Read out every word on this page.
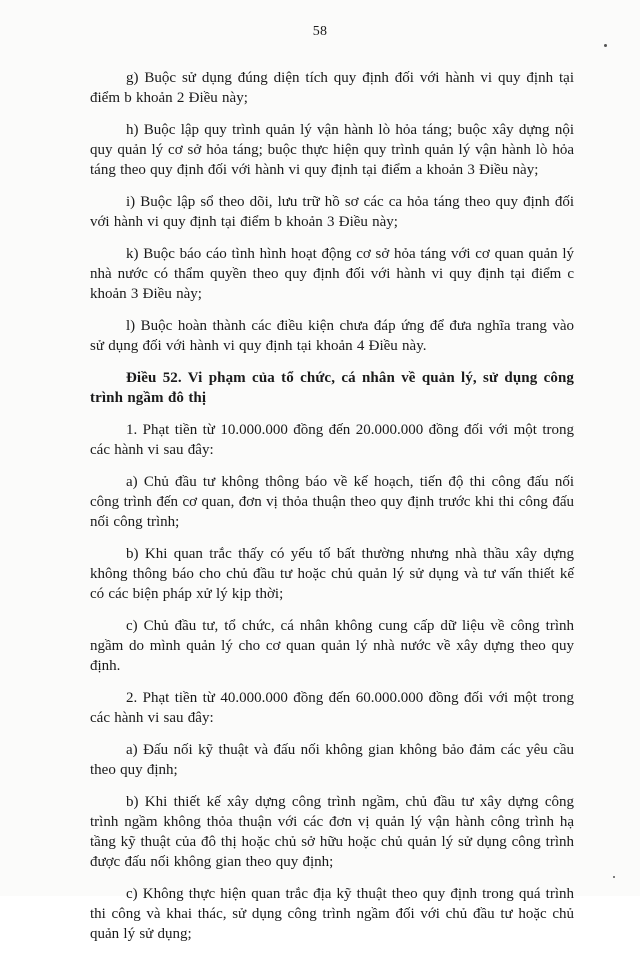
58

g) Buộc sử dụng đúng diện tích quy định đối với hành vi quy định tại điểm b khoản 2 Điều này;

h) Buộc lập quy trình quản lý vận hành lò hỏa táng; buộc xây dựng nội quy quản lý cơ sở hỏa táng; buộc thực hiện quy trình quản lý vận hành lò hỏa táng theo quy định đối với hành vi quy định tại điểm a khoản 3 Điều này;

i) Buộc lập sổ theo dõi, lưu trữ hồ sơ các ca hỏa táng theo quy định đối với hành vi quy định tại điểm b khoản 3 Điều này;

k) Buộc báo cáo tình hình hoạt động cơ sở hỏa táng với cơ quan quản lý nhà nước có thẩm quyền theo quy định đối với hành vi quy định tại điểm c khoản 3 Điều này;

l) Buộc hoàn thành các điều kiện chưa đáp ứng để đưa nghĩa trang vào sử dụng đối với hành vi quy định tại khoản 4 Điều này.

Điều 52. Vi phạm của tổ chức, cá nhân về quản lý, sử dụng công trình ngầm đô thị

1. Phạt tiền từ 10.000.000 đồng đến 20.000.000 đồng đối với một trong các hành vi sau đây:

a) Chủ đầu tư không thông báo về kế hoạch, tiến độ thi công đấu nối công trình đến cơ quan, đơn vị thỏa thuận theo quy định trước khi thi công đấu nối công trình;

b) Khi quan trắc thấy có yếu tố bất thường nhưng nhà thầu xây dựng không thông báo cho chủ đầu tư hoặc chủ quản lý sử dụng và tư vấn thiết kế có các biện pháp xử lý kịp thời;

c) Chủ đầu tư, tổ chức, cá nhân không cung cấp dữ liệu về công trình ngầm do mình quản lý cho cơ quan quản lý nhà nước về xây dựng theo quy định.

2. Phạt tiền từ 40.000.000 đồng đến 60.000.000 đồng đối với một trong các hành vi sau đây:

a) Đấu nối kỹ thuật và đấu nối không gian không bảo đảm các yêu cầu theo quy định;

b) Khi thiết kế xây dựng công trình ngầm, chủ đầu tư xây dựng công trình ngầm không thỏa thuận với các đơn vị quản lý vận hành công trình hạ tầng kỹ thuật của đô thị hoặc chủ sở hữu hoặc chủ quản lý sử dụng công trình được đấu nối không gian theo quy định;

c) Không thực hiện quan trắc địa kỹ thuật theo quy định trong quá trình thi công và khai thác, sử dụng công trình ngầm đối với chủ đầu tư hoặc chủ quản lý sử dụng;
